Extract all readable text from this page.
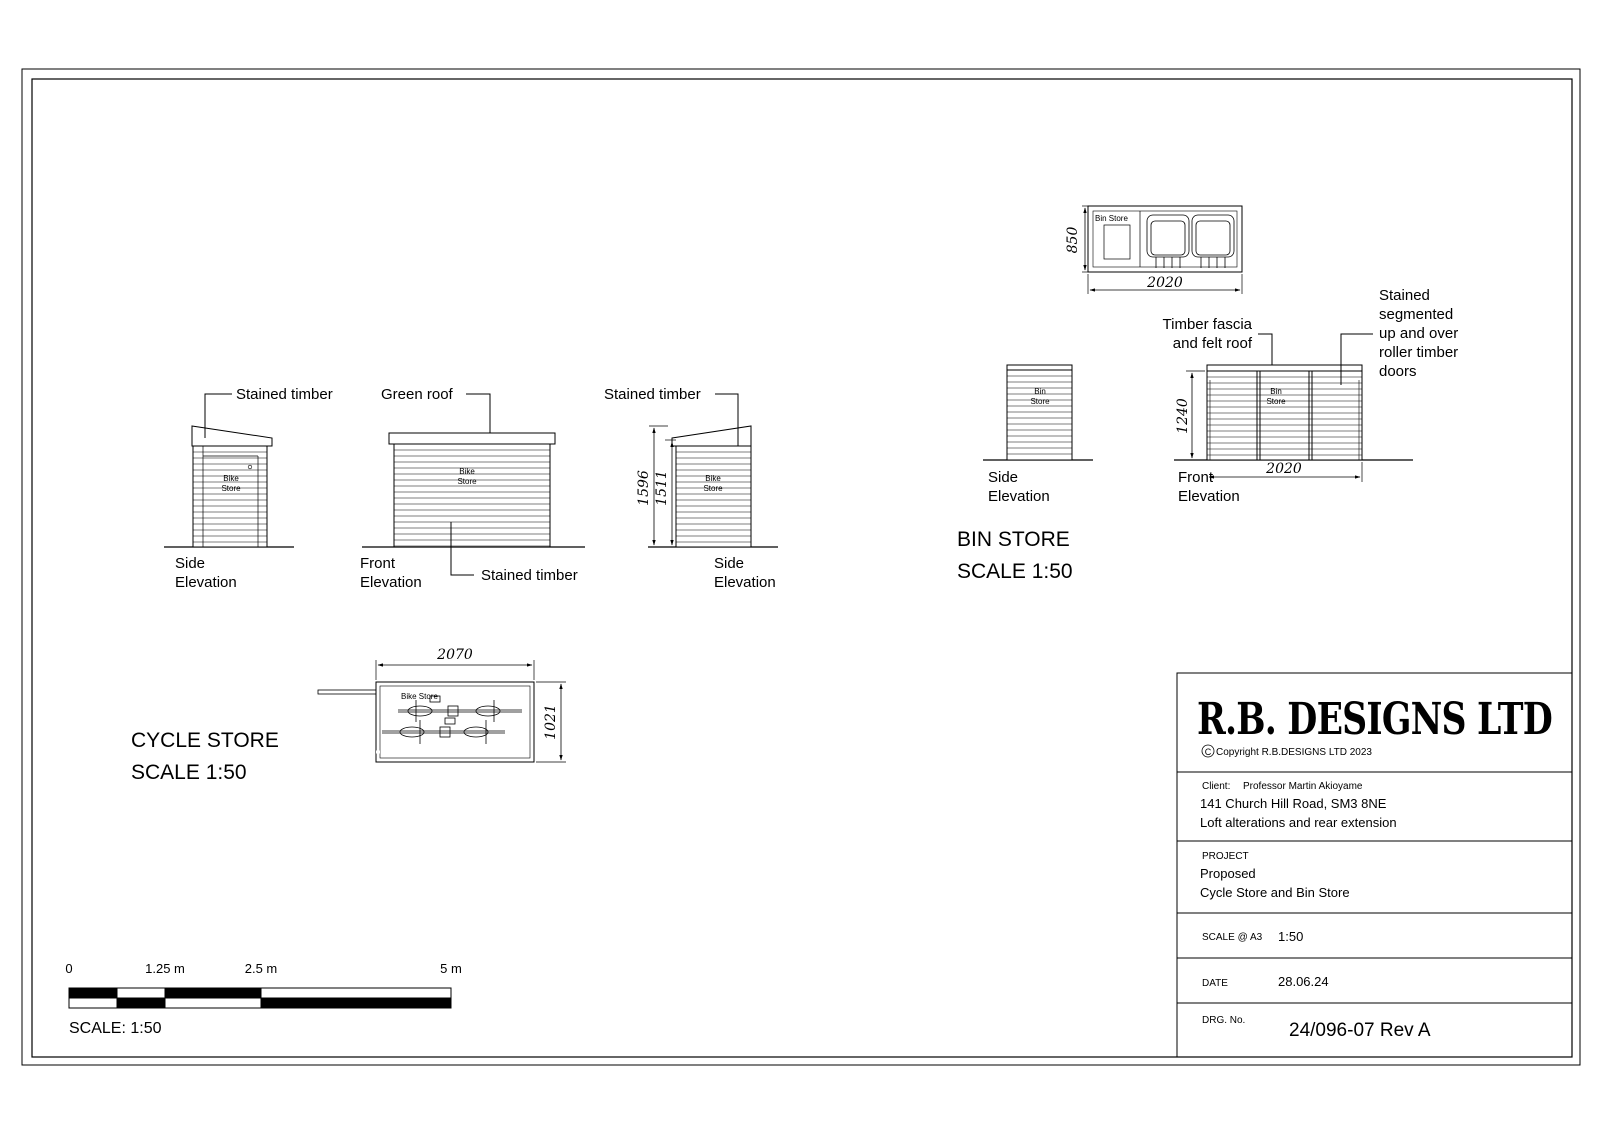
Bike
Store
Stained timber
Side
Elevation
Bike
Store
Green roof
Stained timber
Front
Elevation
1596 1511	Bike
Store
Stained timber
Side
Elevation
Bike Store
2070
1021
CYCLE STORE
SCALE 1:50
Bin Store
850
2020
Bin
Store
Side
Elevation
Bin
Store
1240
2020
Front
Elevation
Timber fascia
and felt roof
Stained
segmented
up and over
roller timber
doors
BIN STORE
SCALE 1:50
0	1.25 m	2.5 m	5 m
SCALE: 1:50
R.B. DESIGNS LTD
C Copyright R.B.DESIGNS LTD 2023
Client: Professor Martin Akioyame
141 Church Hill Road, SM3 8NE
Loft alterations and rear extension
PROJECT
Proposed
Cycle Store and Bin Store
SCALE @ A3 1:50
DATE	28.06.24
DRG. No. 24/096-07 Rev A
